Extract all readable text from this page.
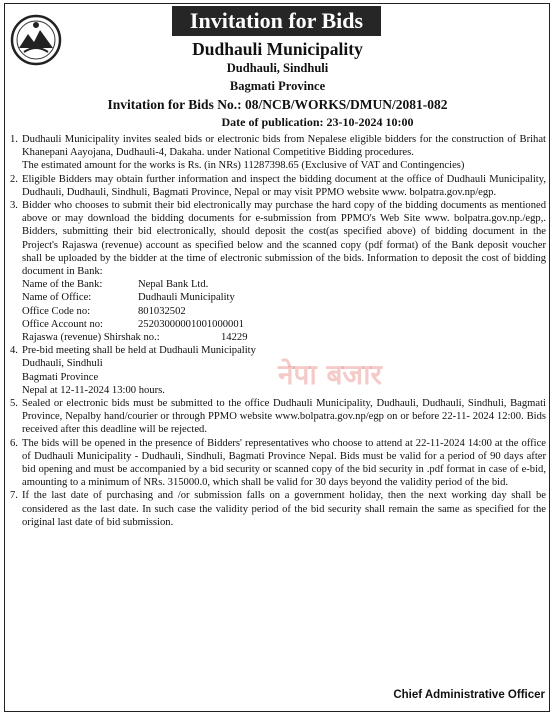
Invitation for Bids
Dudhauli Municipality
Dudhauli, Sindhuli
Bagmati Province
Invitation for Bids No.: 08/NCB/WORKS/DMUN/2081-082
Date of publication: 23-10-2024 10:00
1. Dudhauli Municipality invites sealed bids or electronic bids from Nepalese eligible bidders for the construction of Brihat Khanepani Aayojana, Dudhauli-4, Dakaha. under National Competitive Bidding procedures.

The estimated amount for the works is Rs. (in NRs) 11287398.65 (Exclusive of VAT and Contingencies)

2. Eligible Bidders may obtain further information and inspect the bidding document at the office of Dudhauli Municipality, Dudhauli, Dudhauli, Sindhuli, Bagmati Province, Nepal or may visit PPMO website www. bolpatra.gov.np/egp.

3. Bidder who chooses to submit their bid electronically may purchase the hard copy of the bidding documents as mentioned above or may download the bidding documents for e-submission from PPMO's Web Site www. bolpatra.gov.np./egp,. Bidders, submitting their bid electronically, should deposit the cost(as specified above) of bidding document in the Project's Rajaswa (revenue) account as specified below and the scanned copy (pdf format) of the Bank deposit voucher shall be uploaded by the bidder at the time of electronic submission of the bids. Information to deposit the cost of bidding document in Bank:

Name of the Bank:	Nepal Bank Ltd.
Name of Office:	Dudhauli Municipality
Office Code no:	801032502
Office Account no:	25203000001001000001

Rajaswa (revenue) Shirshak no.:	14229

4. Pre-bid meeting shall be held at Dudhauli Municipality

Dudhauli, Sindhuli

Bagmati Province

Nepal at 12-11-2024 13:00 hours.

5. Sealed or electronic bids must be submitted to the office Dudhauli Municipality, Dudhauli, Dudhauli, Sindhuli, Bagmati Province, Nepalby hand/courier or through PPMO website www.bolpatra.gov.np/egp on or before 22-11- 2024 12:00. Bids received after this deadline will be rejected.

6. The bids will be opened in the presence of Bidders' representatives who choose to attend at 22-11-2024 14:00 at the office of Dudhauli Municipality - Dudhauli, Sindhuli, Bagmati Province Nepal. Bids must be valid for a period of 90 days after bid opening and must be accompanied by a bid security or scanned copy of the bid security in .pdf format in case of e-bid, amounting to a minimum of NRs. 315000.0, which shall be valid for 30 days beyond the validity period of the bid.

7. If the last date of purchasing and /or submission falls on a government holiday, then the next working day shall be considered as the last date. In such case the validity period of the bid security shall remain the same as specified for the original last date of bid submission.

नेपा बजार
Chief Administrative Officer
